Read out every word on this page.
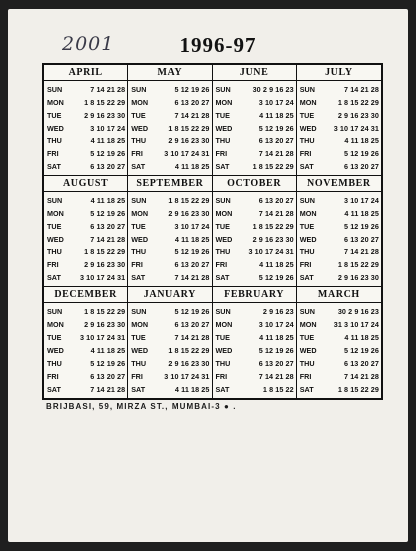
2001	1996-97
APRIL
SUN	7 14 21 28
MON	1 8 15 22 29
TUE	2 9 16 23 30
WED	3 10 17 24
THU	4 11 18 25
FRI	5 12 19 26
SAT	6 13 20 27
MAY
SUN	5 12 19 26
MON	6 13 20 27
TUE	7 14 21 28
WED	1 8 15 22 29
THU	2 9 16 23 30
FRI	3 10 17 24 31
SAT	4 11 18 25
JUNE
SUN	30 2 9 16 23
MON	3 10 17 24
TUE	4 11 18 25
WED	5 12 19 26
THU	6 13 20 27
FRI	7 14 21 28
SAT	1 8 15 22 29
JULY
SUN	7 14 21 28
MON	1 8 15 22 29
TUE	2 9 16 23 30
WED	3 10 17 24 31
THU	4 11 18 25
FRI	5 12 19 26
SAT	6 13 20 27
AUGUST
SUN	4 11 18 25
MON	5 12 19 26
TUE	6 13 20 27
WED	7 14 21 28
THU	1 8 15 22 29
FRI	2 9 16 23 30
SAT	3 10 17 24 31
SEPTEMBER
SUN	1 8 15 22 29
MON	2 9 16 23 30
TUE	3 10 17 24
WED	4 11 18 25
THU	5 12 19 26
FRI	6 13 20 27
SAT	7 14 21 28
OCTOBER
SUN	6 13 20 27
MON	7 14 21 28
TUE	1 8 15 22 29
WED	2 9 16 23 30
THU	3 10 17 24 31
FRI	4 11 18 25
SAT	5 12 19 26
NOVEMBER
SUN	3 10 17 24
MON	4 11 18 25
TUE	5 12 19 26
WED	6 13 20 27
THU	7 14 21 28
FRI	1 8 15 22 29
SAT	2 9 16 23 30
DECEMBER
SUN	1 8 15 22 29
MON	2 9 16 23 30
TUE	3 10 17 24 31
WED	4 11 18 25
THU	5 12 19 26
FRI	6 13 20 27
SAT	7 14 21 28
JANUARY
SUN	5 12 19 26
MON	6 13 20 27
TUE	7 14 21 28
WED	1 8 15 22 29
THU	2 9 16 23 30
FRI	3 10 17 24 31
SAT	4 11 18 25
FEBRUARY
SUN	2 9 16 23
MON	3 10 17 24
TUE	4 11 18 25
WED	5 12 19 26
THU	6 13 20 27
FRI	7 14 21 28
SAT	1 8 15 22
MARCH
SUN	30 2 9 16 23
MON	31 3 10 17 24
TUE	4 11 18 25
WED	5 12 19 26
THU	6 13 20 27
FRI	7 14 21 28
SAT	1 8 15 22 29
BRIJBASI, 59, MIRZA ST., MUMBAI-3 ● .
